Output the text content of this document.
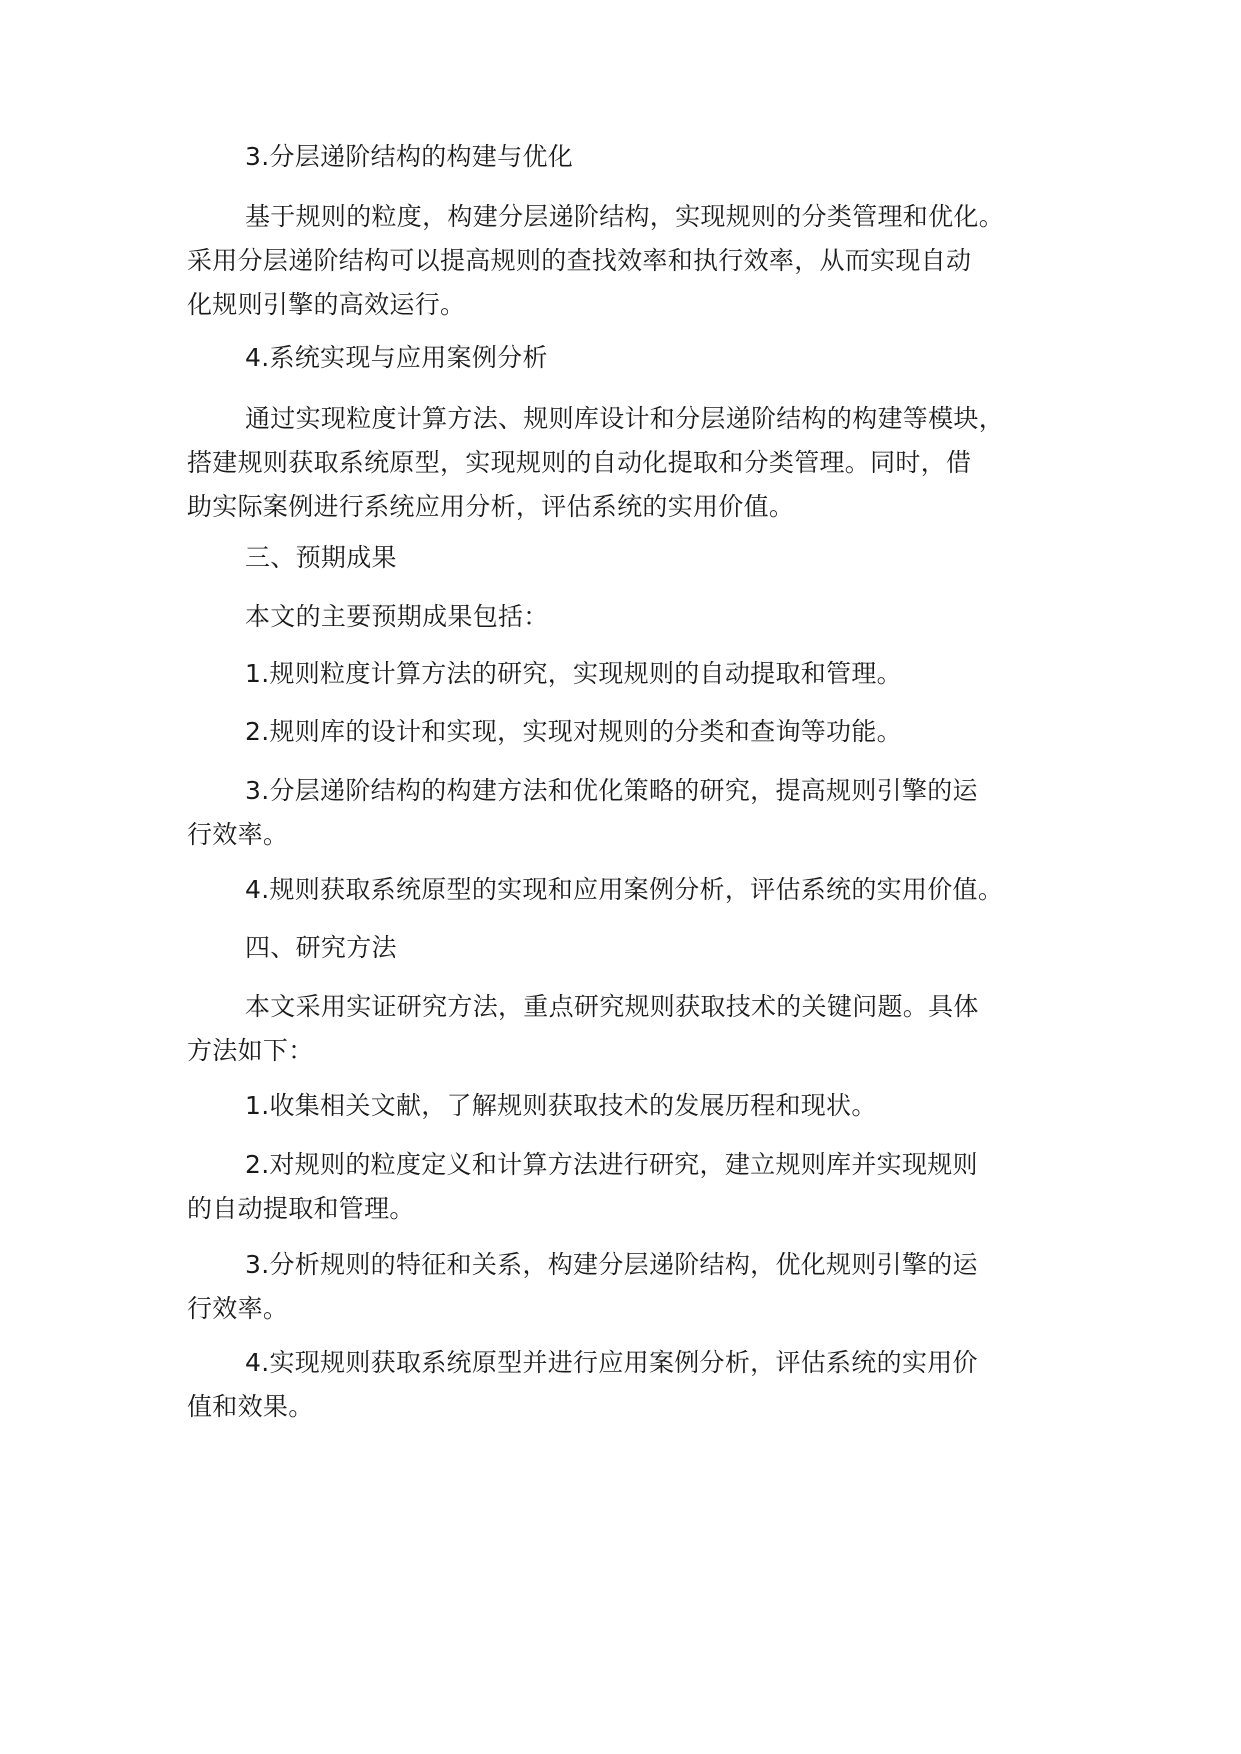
3.分层递阶结构的构建与优化

基于规则的粒度，构建分层递阶结构，实现规则的分类管理和优化。
采用分层递阶结构可以提高规则的查找效率和执行效率，从而实现自动
化规则引擎的高效运行。

4.系统实现与应用案例分析

通过实现粒度计算方法、规则库设计和分层递阶结构的构建等模块，
搭建规则获取系统原型，实现规则的自动化提取和分类管理。同时，借
助实际案例进行系统应用分析，评估系统的实用价值。

三、预期成果

本文的主要预期成果包括：

1.规则粒度计算方法的研究，实现规则的自动提取和管理。

2.规则库的设计和实现，实现对规则的分类和查询等功能。

3.分层递阶结构的构建方法和优化策略的研究，提高规则引擎的运
行效率。

4.规则获取系统原型的实现和应用案例分析，评估系统的实用价值。

四、研究方法

本文采用实证研究方法，重点研究规则获取技术的关键问题。具体
方法如下：

1.收集相关文献，了解规则获取技术的发展历程和现状。

2.对规则的粒度定义和计算方法进行研究，建立规则库并实现规则
的自动提取和管理。

3.分析规则的特征和关系，构建分层递阶结构，优化规则引擎的运
行效率。

4.实现规则获取系统原型并进行应用案例分析，评估系统的实用价
值和效果。
